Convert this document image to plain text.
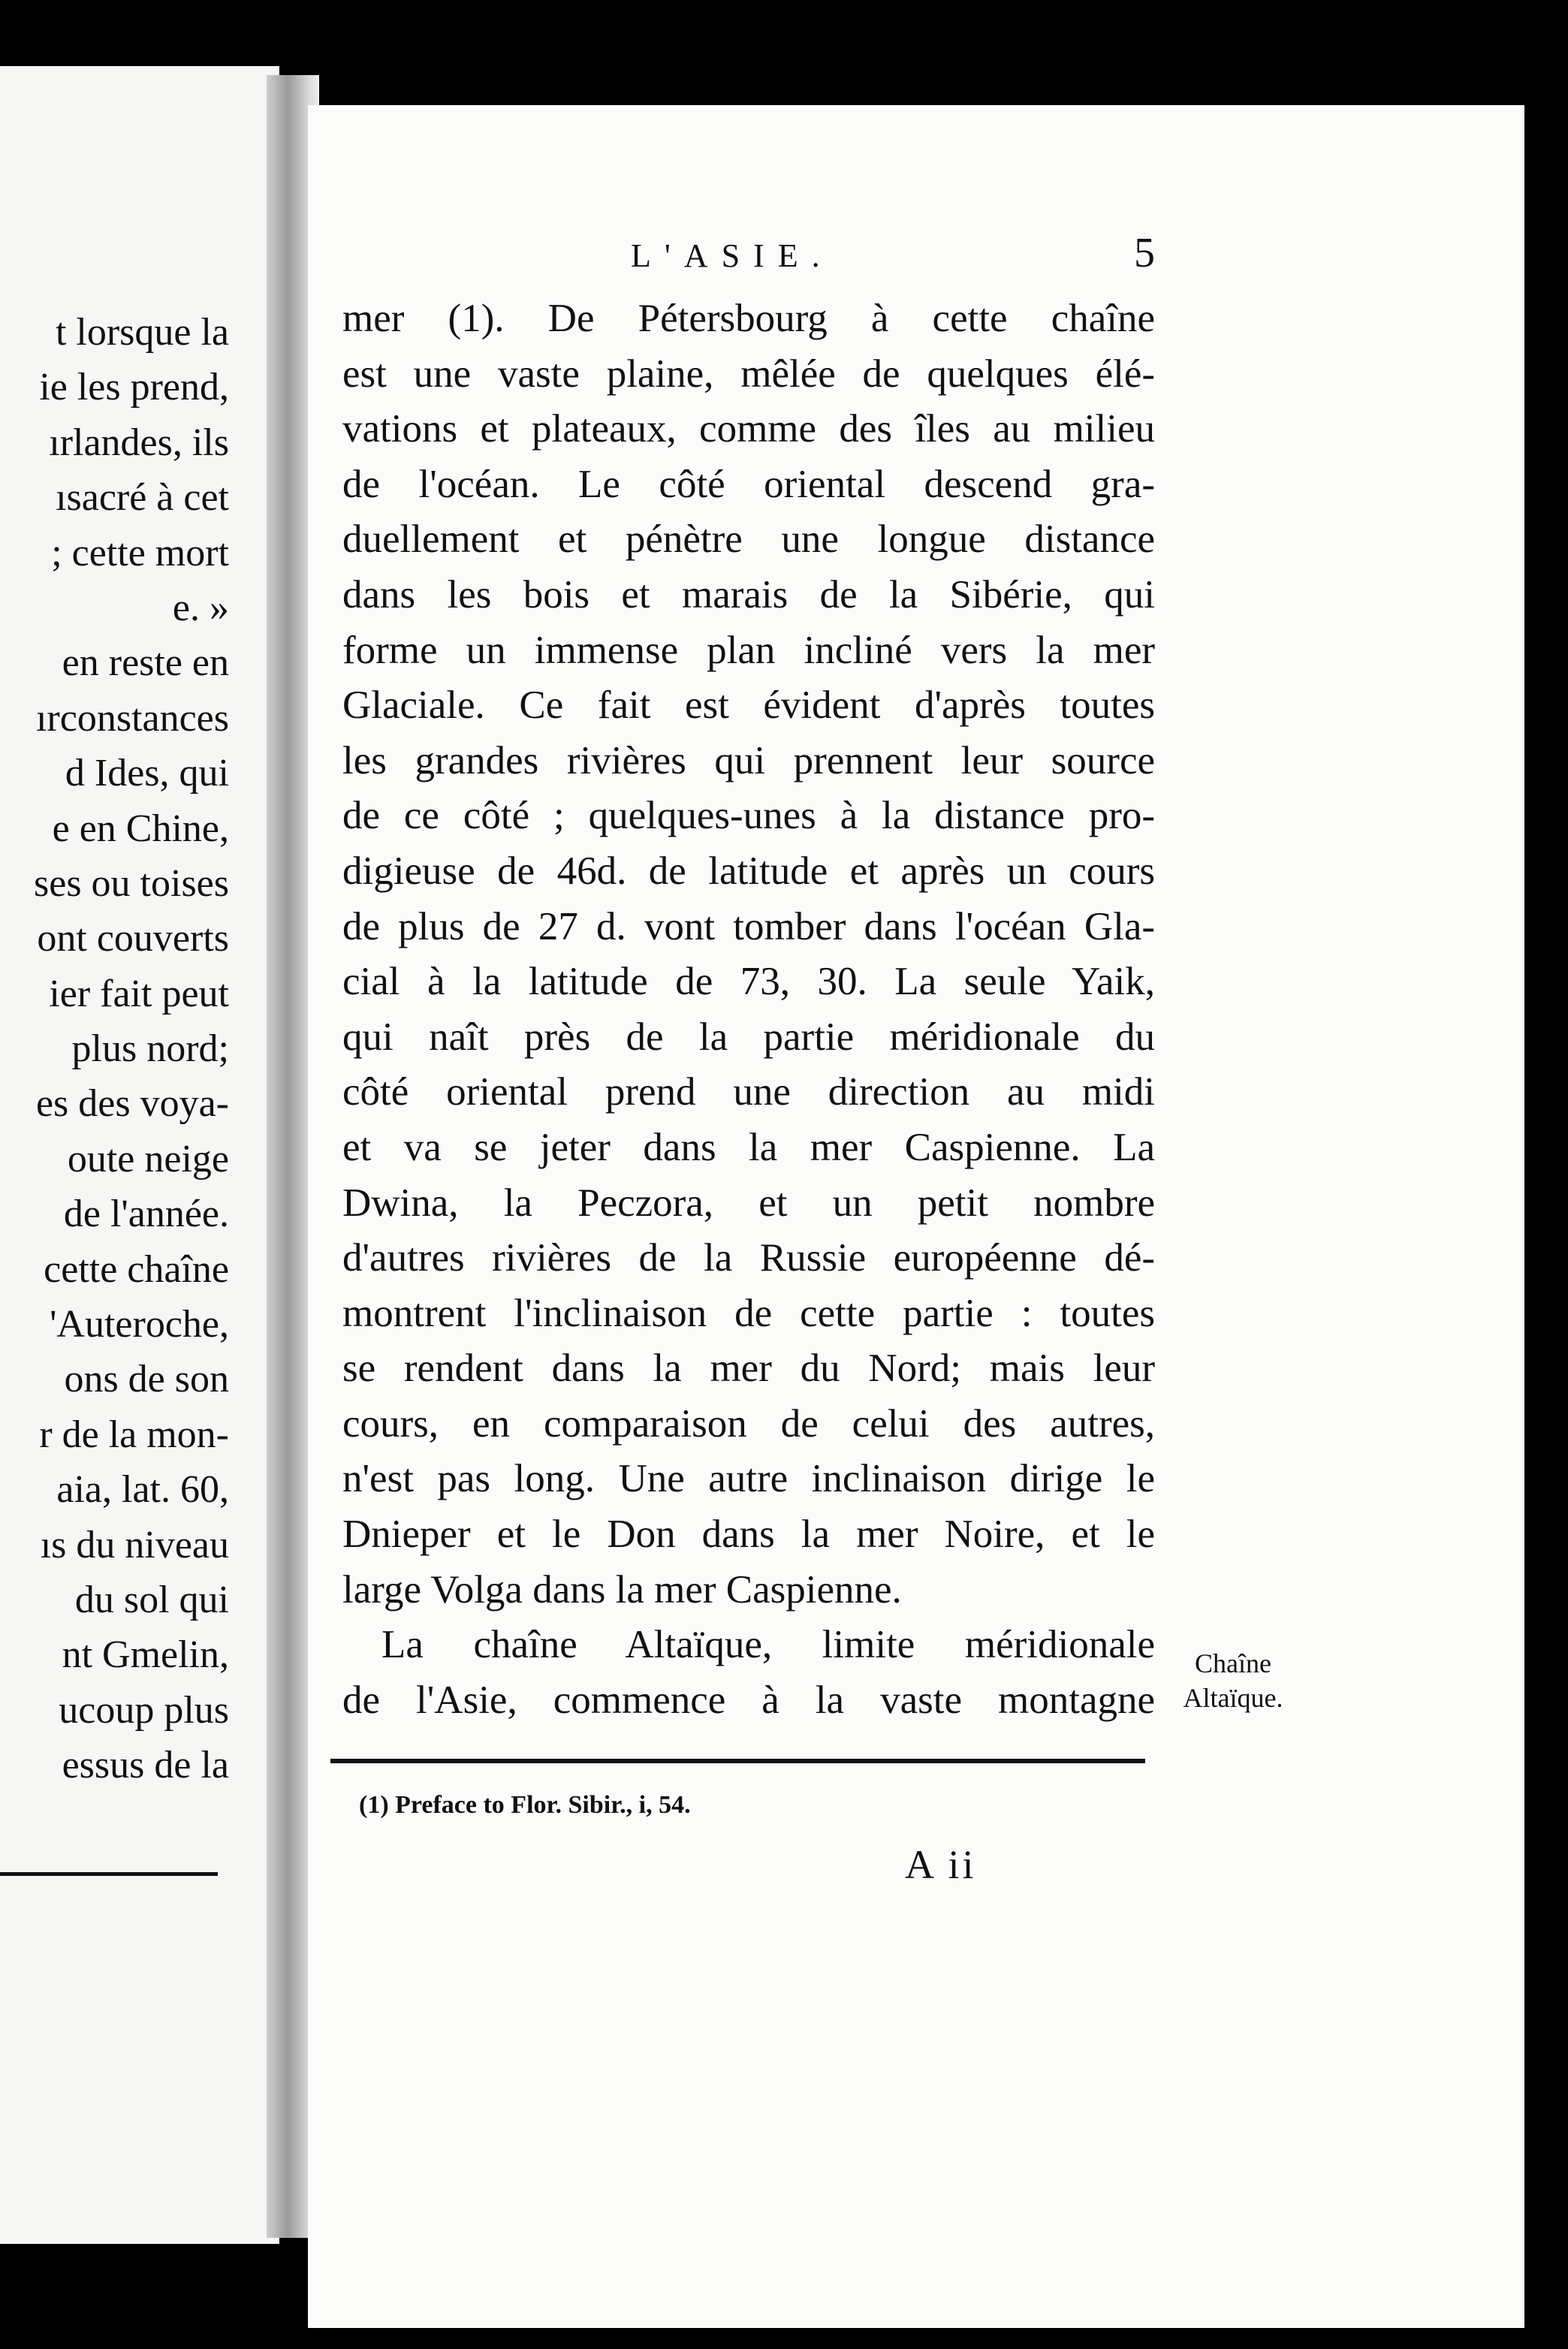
t lorsque la
ie les prend,
ırlandes, ils
ısacré à cet
; cette mort
e. »
en reste en
ırconstances
d Ides, qui
e en Chine,
ses ou toises
ont couverts
ier fait peut
plus nord;
es des voya-
oute neige
de l'année.
cette chaîne
'Auteroche,
ons de son
r de la mon-
aia, lat. 60,
ıs du niveau
du sol qui
nt Gmelin,
ucoup plus
essus de la
L'ASIE.	5
mer (1). De Pétersbourg à cette chaîne
est une vaste plaine, mêlée de quelques élé-
vations et plateaux, comme des îles au milieu
de l'océan. Le côté oriental descend gra-
duellement et pénètre une longue distance
dans les bois et marais de la Sibérie, qui
forme un immense plan incliné vers la mer
Glaciale. Ce fait est évident d'après toutes
les grandes rivières qui prennent leur source
de ce côté ; quelques-unes à la distance pro-
digieuse de 46d. de latitude et après un cours
de plus de 27 d. vont tomber dans l'océan Gla-
cial à la latitude de 73, 30. La seule Yaik,
qui naît près de la partie méridionale du
côté oriental prend une direction au midi
et va se jeter dans la mer Caspienne. La
Dwina, la Peczora, et un petit nombre
d'autres rivières de la Russie européenne dé-
montrent l'inclinaison de cette partie : toutes
se rendent dans la mer du Nord; mais leur
cours, en comparaison de celui des autres,
n'est pas long. Une autre inclinaison dirige le
Dnieper et le Don dans la mer Noire, et le
large Volga dans la mer Caspienne.
La chaîne Altaïque, limite méridionale
de l'Asie, commence à la vaste montagne
Chaîne
Altaïque.
(1) Preface to Flor. Sibir., i, 54.
A ii
